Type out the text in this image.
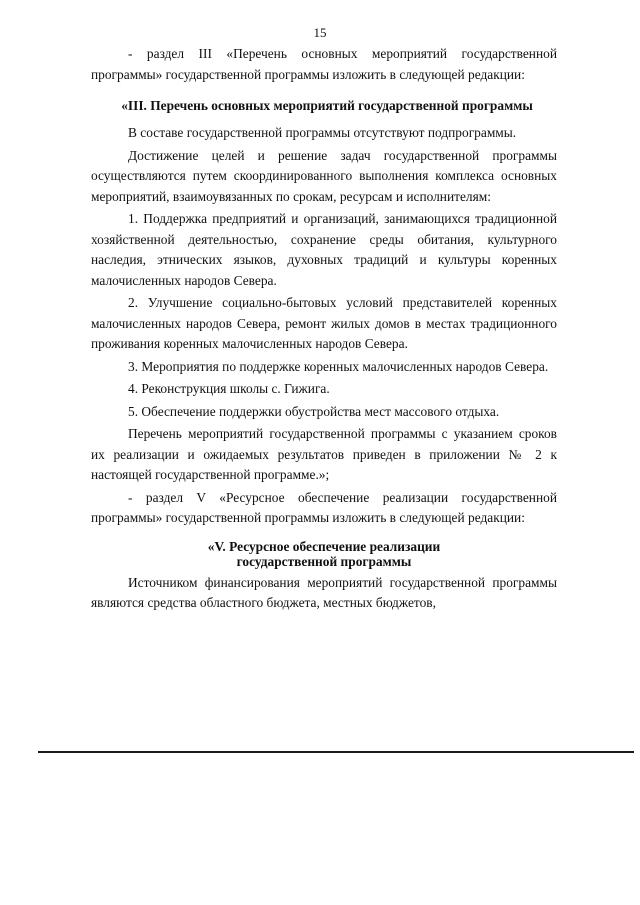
15

- раздел III «Перечень основных мероприятий государственной программы» государственной программы изложить в следующей редакции:

«III. Перечень основных мероприятий государственной программы

В составе государственной программы отсутствуют подпрограммы.

Достижение целей и решение задач государственной программы осуществляются путем скоординированного выполнения комплекса основных мероприятий, взаимоувязанных по срокам, ресурсам и исполнителям:

1. Поддержка предприятий и организаций, занимающихся традиционной хозяйственной деятельностью, сохранение среды обитания, культурного наследия, этнических языков, духовных традиций и культуры коренных малочисленных народов Севера.

2. Улучшение социально-бытовых условий представителей коренных малочисленных народов Севера, ремонт жилых домов в местах традиционного проживания коренных малочисленных народов Севера.

3. Мероприятия по поддержке коренных малочисленных народов Севера.

4. Реконструкция школы с. Гижига.

5. Обеспечение поддержки обустройства мест массового отдыха.

Перечень мероприятий государственной программы с указанием сроков их реализации и ожидаемых результатов приведен в приложении № 2 к настоящей государственной программе.»;

- раздел V «Ресурсное обеспечение реализации государственной программы» государственной программы изложить в следующей редакции:

«V. Ресурсное обеспечение реализации
государственной программы

Источником финансирования мероприятий государственной программы являются средства областного бюджета, местных бюджетов,
